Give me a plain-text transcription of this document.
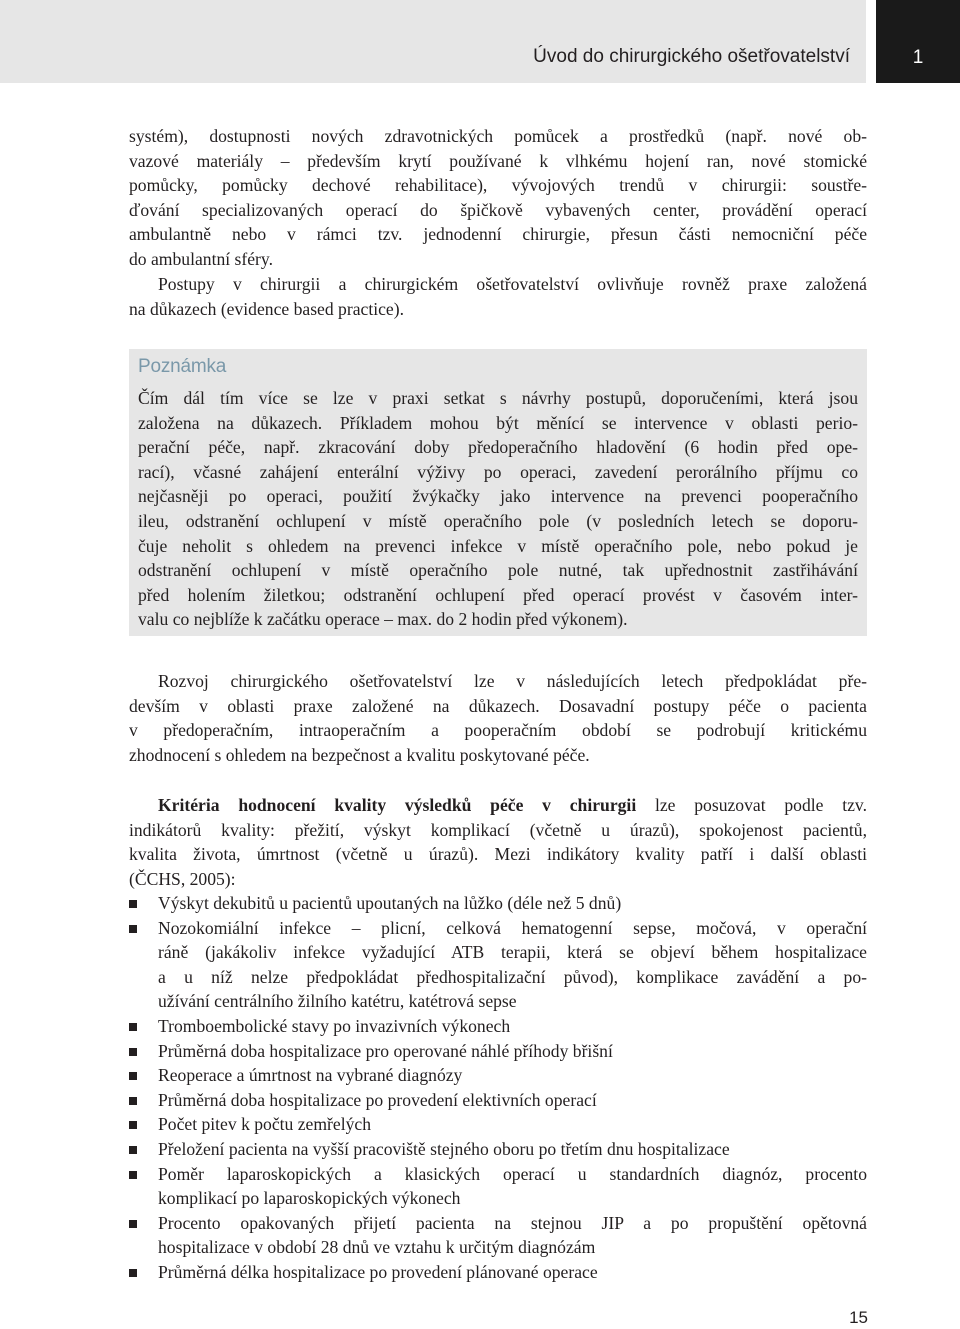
Úvod do chirurgického ošetřovatelství	1
systém), dostupnosti nových zdravotnických pomůcek a prostředků (např. nové ob-
vazové materiály – především krytí používané k vlhkému hojení ran, nové stomické
pomůcky, pomůcky dechové rehabilitace), vývojových trendů v chirurgii: soustře-
ďování specializovaných operací do špičkově vybavených center, provádění operací
ambulantně nebo v rámci tzv. jednodenní chirurgie, přesun části nemocniční péče
do ambulantní sféry.
Postupy v chirurgii a chirurgickém ošetřovatelství ovlivňuje rovněž praxe založená
na důkazech (evidence based practice).
Poznámka
Čím dál tím více se lze v praxi setkat s návrhy postupů, doporučeními, která jsou
založena na důkazech. Příkladem mohou být měnící se intervence v oblasti perio-
perační péče, např. zkracování doby předoperačního hladovění (6 hodin před ope-
rací), včasné zahájení enterální výživy po operaci, zavedení perorálního příjmu co
nejčasněji po operaci, použití žvýkačky jako intervence na prevenci pooperačního
ileu, odstranění ochlupení v místě operačního pole (v posledních letech se doporu-
čuje neholit s ohledem na prevenci infekce v místě operačního pole, nebo pokud je
odstranění ochlupení v místě operačního pole nutné, tak upřednostnit zastřihávání
před holením žiletkou; odstranění ochlupení před operací provést v časovém inter-
valu co nejblíže k začátku operace – max. do 2 hodin před výkonem).
Rozvoj chirurgického ošetřovatelství lze v následujících letech předpokládat pře-
devším v oblasti praxe založené na důkazech. Dosavadní postupy péče o pacienta
v předoperačním, intraoperačním a pooperačním období se podrobují kritickému
zhodnocení s ohledem na bezpečnost a kvalitu poskytované péče.
Kritéria hodnocení kvality výsledků péče v chirurgii lze posuzovat podle tzv.
indikátorů kvality: přežití, výskyt komplikací (včetně u úrazů), spokojenost pacientů,
kvalita života, úmrtnost (včetně u úrazů). Mezi indikátory kvality patří i další oblasti
(ČCHS, 2005):
Výskyt dekubitů u pacientů upoutaných na lůžko (déle než 5 dnů)
Nozokomiální infekce – plicní, celková hematogenní sepse, močová, v operační
ráně (jakákoliv infekce vyžadující ATB terapii, která se objeví během hospitalizace
a u níž nelze předpokládat předhospitalizační původ), komplikace zavádění a po-
užívání centrálního žilního katétru, katétrová sepse
Tromboembolické stavy po invazivních výkonech
Průměrná doba hospitalizace pro operované náhlé příhody břišní
Reoperace a úmrtnost na vybrané diagnózy
Průměrná doba hospitalizace po provedení elektivních operací
Počet pitev k počtu zemřelých
Přeložení pacienta na vyšší pracoviště stejného oboru po třetím dnu hospitalizace
Poměr laparoskopických a klasických operací u standardních diagnóz, procento
komplikací po laparoskopických výkonech
Procento opakovaných přijetí pacienta na stejnou JIP a po propuštění opětovná
hospitalizace v období 28 dnů ve vztahu k určitým diagnózám
Průměrná délka hospitalizace po provedení plánované operace
15
